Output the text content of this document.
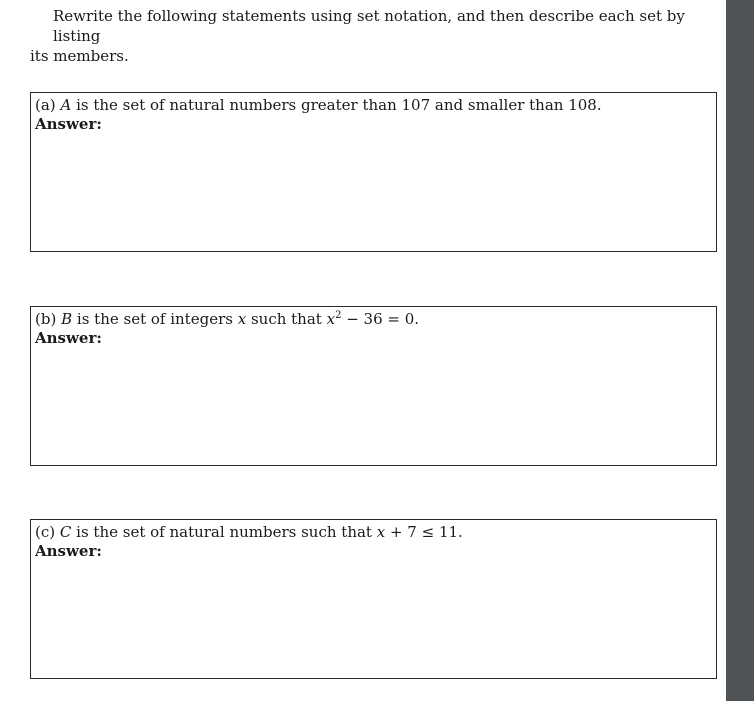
Rewrite the following statements using set notation, and then describe each set by listing
its members.

(a) A is the set of natural numbers greater than 107 and smaller than 108.

Answer:

(b) B is the set of integers x such that $x^2 - 36 = 0$.

Answer:

(c) C is the set of natural numbers such that x + 7 ≤ 11.

Answer:
